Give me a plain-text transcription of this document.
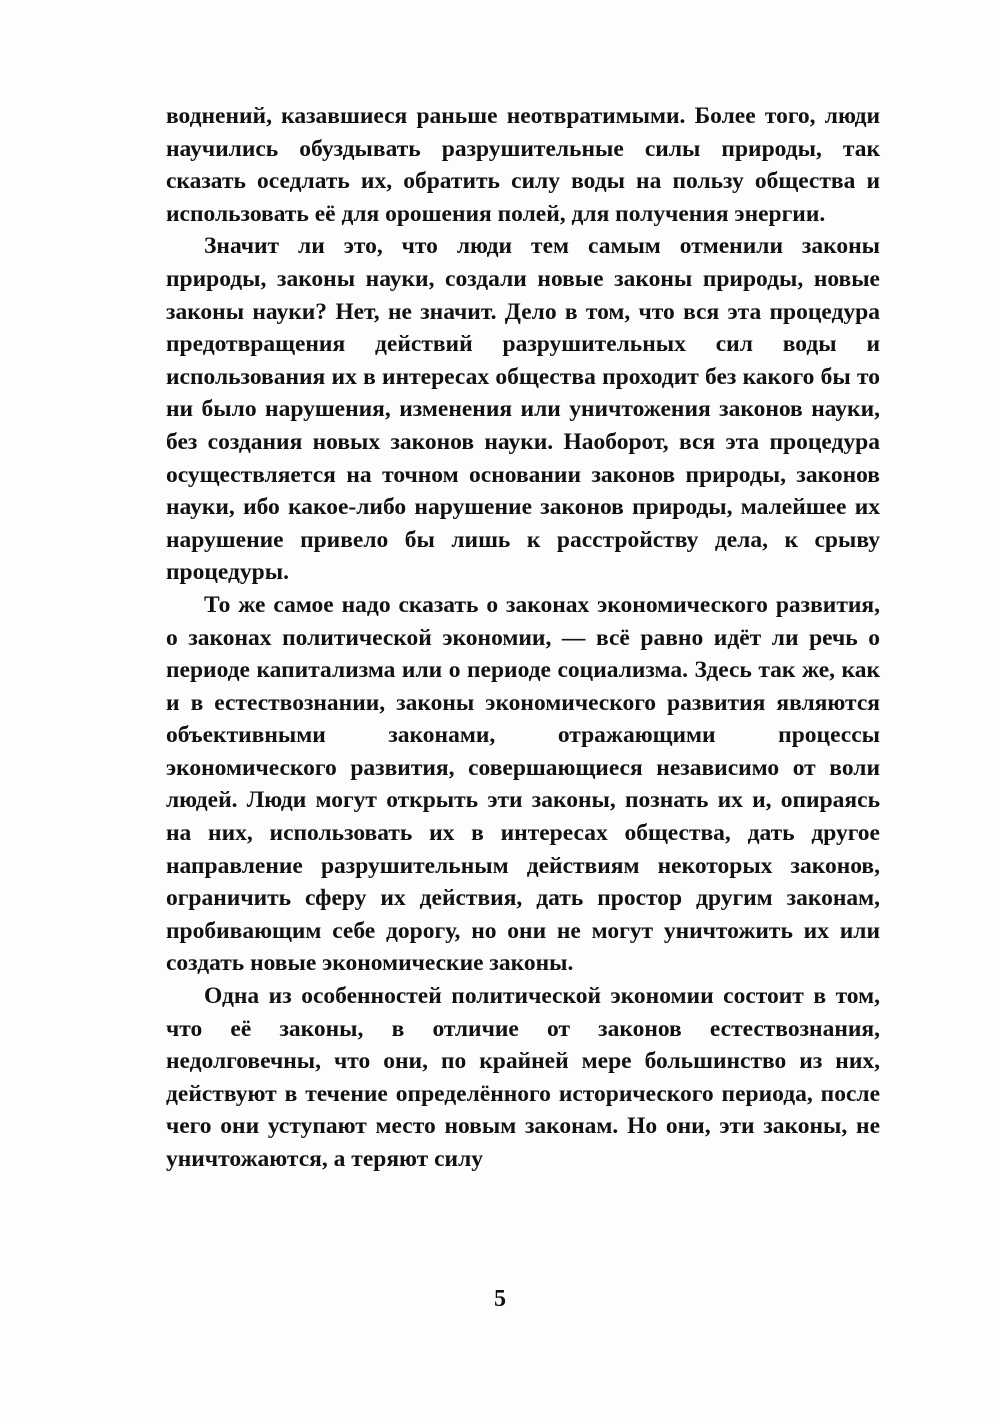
воднений, казавшиеся раньше неотвратимыми. Более того, люди научились обуздывать разрушительные силы природы, так сказать оседлать их, обратить силу воды на пользу общества и использовать её для орошения полей, для получения энергии.

Значит ли это, что люди тем самым отменили законы природы, законы науки, создали новые законы природы, новые законы науки? Нет, не значит. Дело в том, что вся эта процедура предотвращения действий разрушительных сил воды и использования их в интересах общества проходит без какого бы то ни было нарушения, изменения или уничтожения законов науки, без создания новых законов науки. Наоборот, вся эта процедура осуществляется на точном основании законов природы, законов науки, ибо какое-либо нарушение законов природы, малейшее их нарушение привело бы лишь к расстройству дела, к срыву процедуры.

То же самое надо сказать о законах экономического развития, о законах политической экономии, — всё равно идёт ли речь о периоде капитализма или о периоде социализма. Здесь так же, как и в естествознании, законы экономического развития являются объективными законами, отражающими процессы экономического развития, совершающиеся независимо от воли людей. Люди могут открыть эти законы, познать их и, опираясь на них, использовать их в интересах общества, дать другое направление разрушительным действиям некоторых законов, ограничить сферу их действия, дать простор другим законам, пробивающим себе дорогу, но они не могут уничтожить их или создать новые экономические законы.

Одна из особенностей политической экономии состоит в том, что её законы, в отличие от законов естествознания, недолговечны, что они, по крайней мере большинство из них, действуют в течение определённого исторического периода, после чего они уступают место новым законам. Но они, эти законы, не уничтожаются, а теряют силу

5
